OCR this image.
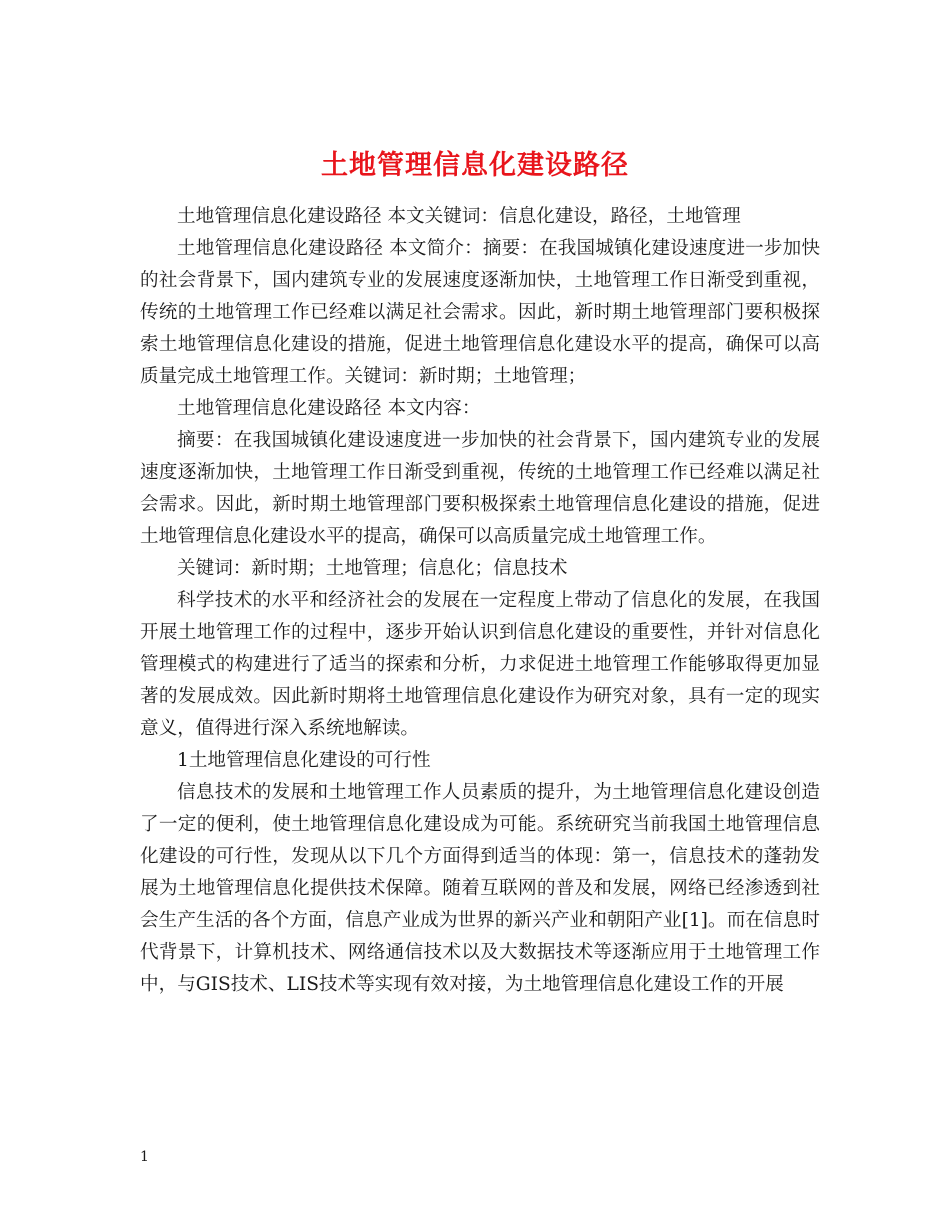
土地管理信息化建设路径

土地管理信息化建设路径 本文关键词：信息化建设，路径，土地管理

土地管理信息化建设路径 本文简介：摘要：在我国城镇化建设速度进一步加快的社会背景下，国内建筑专业的发展速度逐渐加快，土地管理工作日渐受到重视，传统的土地管理工作已经难以满足社会需求。因此，新时期土地管理部门要积极探索土地管理信息化建设的措施，促进土地管理信息化建设水平的提高，确保可以高质量完成土地管理工作。关键词：新时期；土地管理；

土地管理信息化建设路径 本文内容：

摘要：在我国城镇化建设速度进一步加快的社会背景下，国内建筑专业的发展速度逐渐加快，土地管理工作日渐受到重视，传统的土地管理工作已经难以满足社会需求。因此，新时期土地管理部门要积极探索土地管理信息化建设的措施，促进土地管理信息化建设水平的提高，确保可以高质量完成土地管理工作。

关键词：新时期；土地管理；信息化；信息技术

科学技术的水平和经济社会的发展在一定程度上带动了信息化的发展，在我国开展土地管理工作的过程中，逐步开始认识到信息化建设的重要性，并针对信息化管理模式的构建进行了适当的探索和分析，力求促进土地管理工作能够取得更加显著的发展成效。因此新时期将土地管理信息化建设作为研究对象，具有一定的现实意义，值得进行深入系统地解读。

1土地管理信息化建设的可行性

信息技术的发展和土地管理工作人员素质的提升，为土地管理信息化建设创造了一定的便利，使土地管理信息化建设成为可能。系统研究当前我国土地管理信息化建设的可行性，发现从以下几个方面得到适当的体现：第一，信息技术的蓬勃发展为土地管理信息化提供技术保障。随着互联网的普及和发展，网络已经渗透到社会生产生活的各个方面，信息产业成为世界的新兴产业和朝阳产业[1]。而在信息时代背景下，计算机技术、网络通信技术以及大数据技术等逐渐应用于土地管理工作中，与GIS技术、LIS技术等实现有效对接，为土地管理信息化建设工作的开展

1
